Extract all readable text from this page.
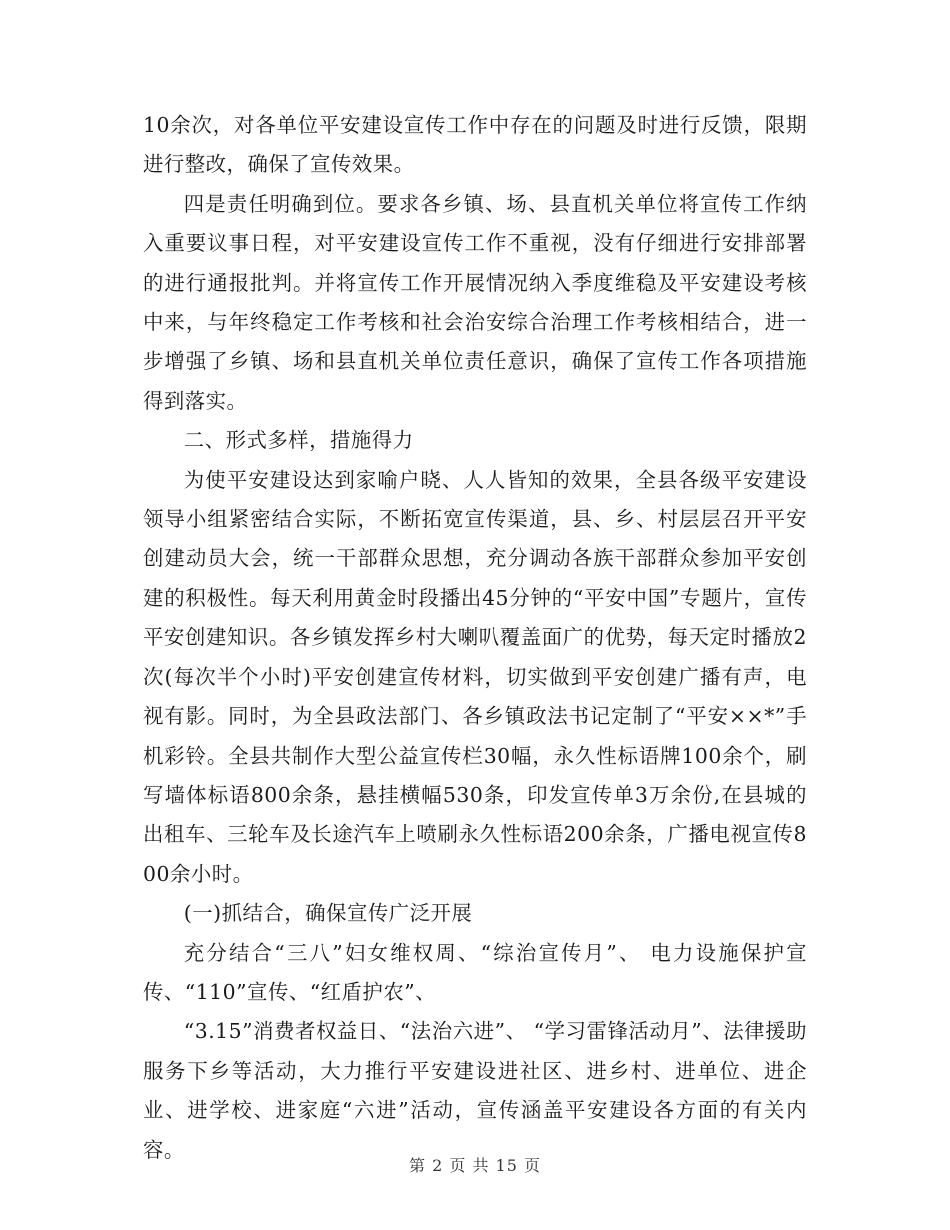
10余次，对各单位平安建设宣传工作中存在的问题及时进行反馈，限期进行整改，确保了宣传效果。

四是责任明确到位。要求各乡镇、场、县直机关单位将宣传工作纳入重要议事日程，对平安建设宣传工作不重视，没有仔细进行安排部署的进行通报批判。并将宣传工作开展情况纳入季度维稳及平安建设考核中来，与年终稳定工作考核和社会治安综合治理工作考核相结合，进一步增强了乡镇、场和县直机关单位责任意识，确保了宣传工作各项措施得到落实。

二、形式多样，措施得力

为使平安建设达到家喻户晓、人人皆知的效果，全县各级平安建设领导小组紧密结合实际，不断拓宽宣传渠道，县、乡、村层层召开平安创建动员大会，统一干部群众思想，充分调动各族干部群众参加平安创建的积极性。每天利用黄金时段播出45分钟的“平安中国”专题片，宣传平安创建知识。各乡镇发挥乡村大喇叭覆盖面广的优势，每天定时播放2次(每次半个小时)平安创建宣传材料，切实做到平安创建广播有声，电视有影。同时，为全县政法部门、各乡镇政法书记定制了“平安××*”手机彩铃。全县共制作大型公益宣传栏30幅，永久性标语牌100余个，刷写墙体标语800余条，悬挂横幅530条，印发宣传单3万余份,在县城的出租车、三轮车及长途汽车上喷刷永久性标语200余条，广播电视宣传800余小时。

(一)抓结合，确保宣传广泛开展

充分结合“三八”妇女维权周、“综治宣传月”、 电力设施保护宣传、“110”宣传、“红盾护农”、

“3.15”消费者权益日、“法治六进”、 “学习雷锋活动月”、法律援助服务下乡等活动，大力推行平安建设进社区、进乡村、进单位、进企业、进学校、进家庭“六进”活动，宣传涵盖平安建设各方面的有关内容。

第 2 页 共 15 页
